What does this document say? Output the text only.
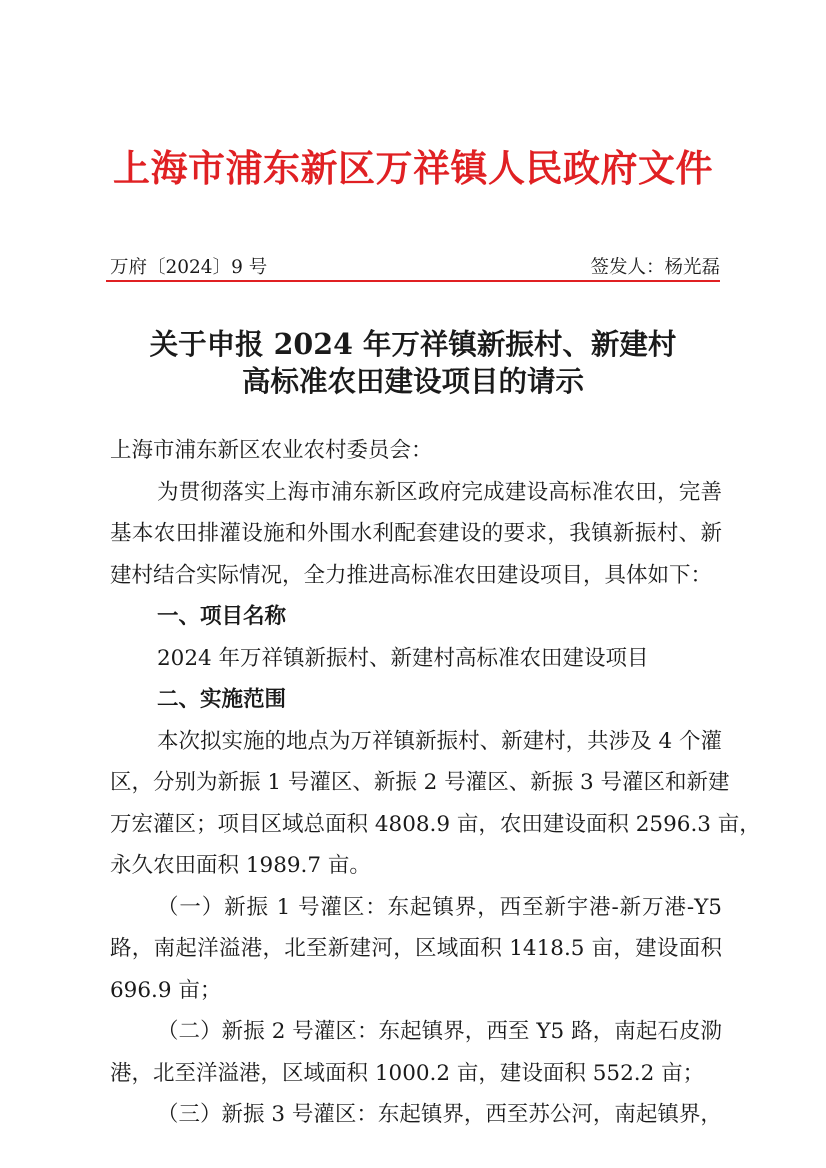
上海市浦东新区万祥镇人民政府文件
万府〔2024〕9 号	签发人：杨光磊
关于申报 2024 年万祥镇新振村、新建村
高标准农田建设项目的请示

上海市浦东新区农业农村委员会：

为贯彻落实上海市浦东新区政府完成建设高标准农田，完善

基本农田排灌设施和外围水利配套建设的要求，我镇新振村、新

建村结合实际情况，全力推进高标准农田建设项目，具体如下：

一、项目名称

2024 年万祥镇新振村、新建村高标准农田建设项目

二、实施范围

本次拟实施的地点为万祥镇新振村、新建村，共涉及 4 个灌

区，分别为新振 1 号灌区、新振 2 号灌区、新振 3 号灌区和新建

万宏灌区；项目区域总面积 4808.9 亩，农田建设面积 2596.3 亩，

永久农田面积 1989.7 亩。

（一）新振 1 号灌区：东起镇界，西至新宇港-新万港-Y5

路，南起洋溢港，北至新建河，区域面积 1418.5 亩，建设面积

696.9 亩；

（二）新振 2 号灌区：东起镇界，西至 Y5 路，南起石皮泐

港，北至洋溢港，区域面积 1000.2 亩，建设面积 552.2 亩；

（三）新振 3 号灌区：东起镇界，西至苏公河，南起镇界，
